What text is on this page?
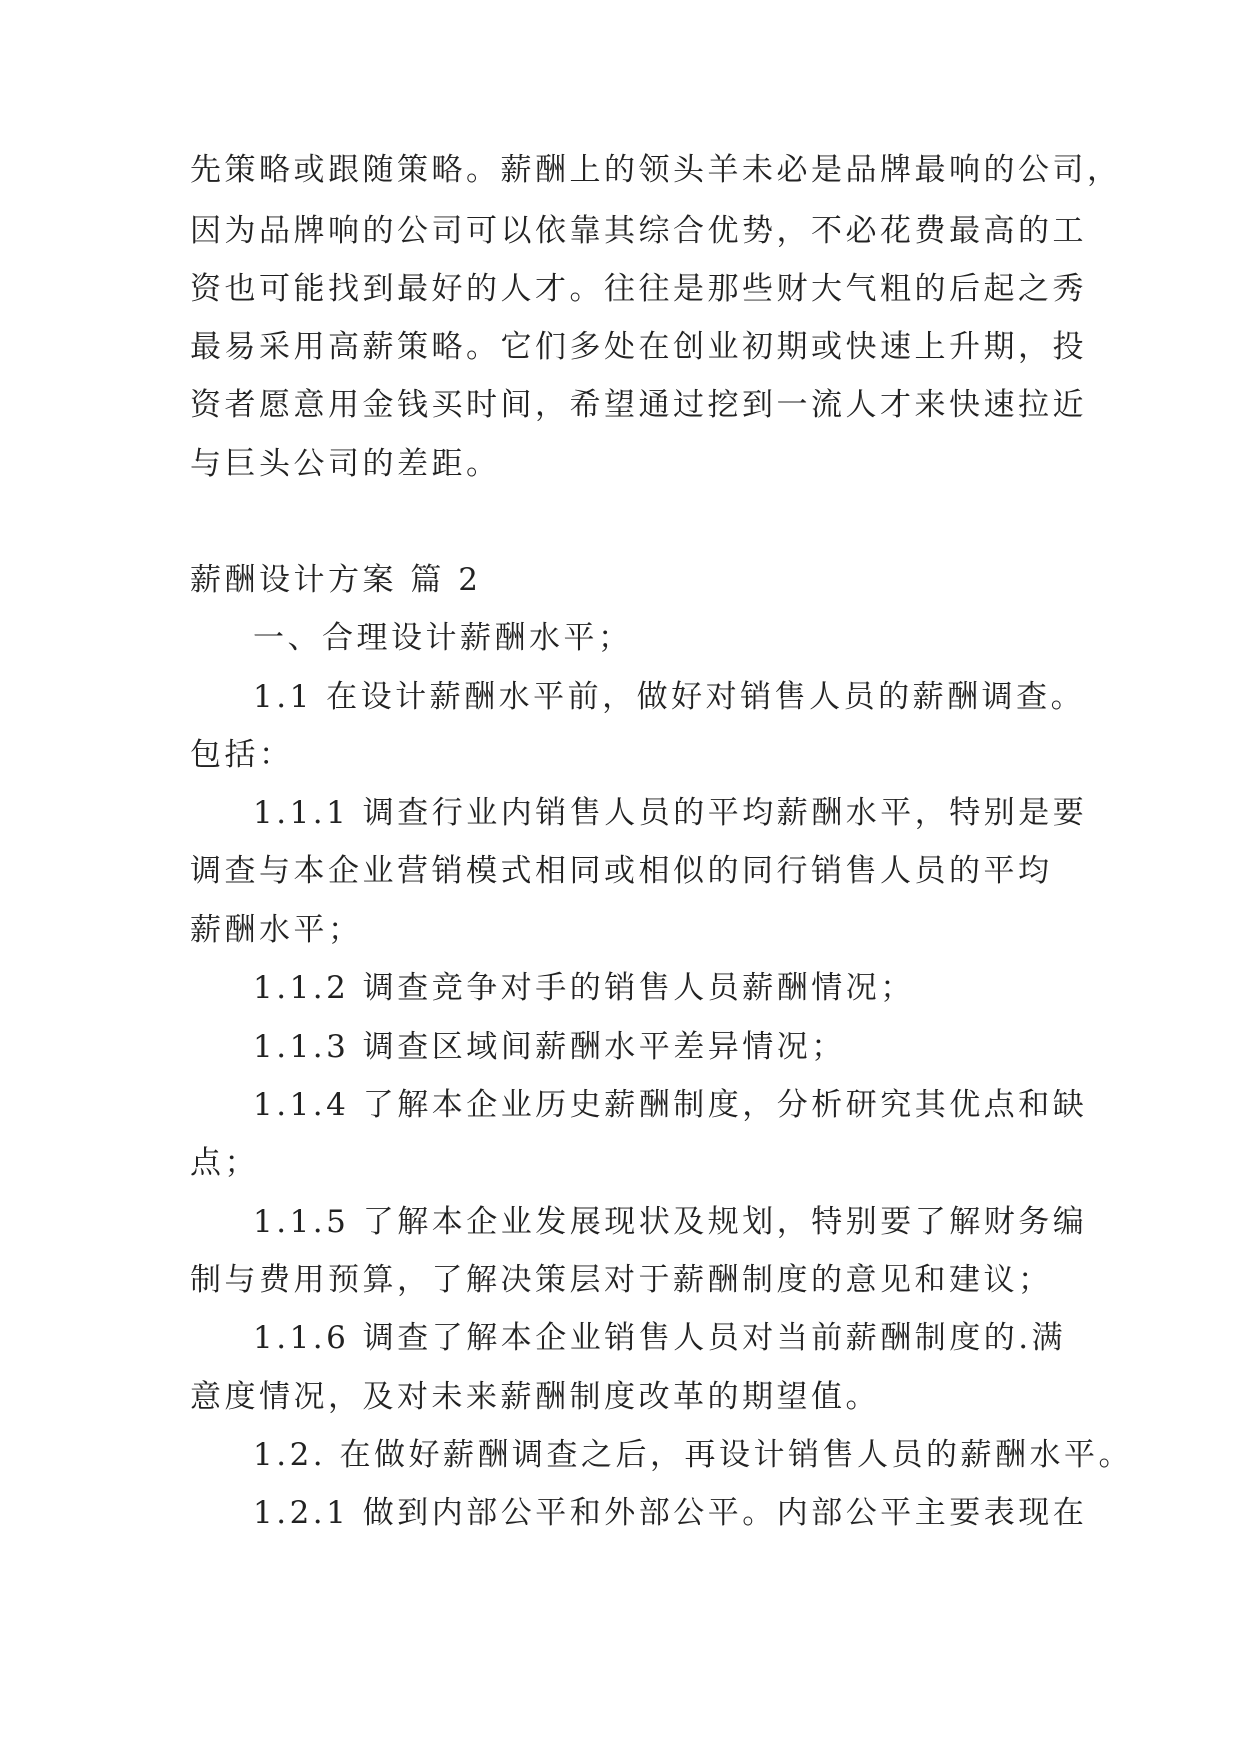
先策略或跟随策略。薪酬上的领头羊未必是品牌最响的公司，
因为品牌响的公司可以依靠其综合优势，不必花费最高的工
资也可能找到最好的人才。往往是那些财大气粗的后起之秀
最易采用高薪策略。它们多处在创业初期或快速上升期，投
资者愿意用金钱买时间，希望通过挖到一流人才来快速拉近
与巨头公司的差距。
薪酬设计方案 篇 2
一、合理设计薪酬水平；
1.1 在设计薪酬水平前，做好对销售人员的薪酬调查。
包括：
1.1.1 调查行业内销售人员的平均薪酬水平，特别是要
调查与本企业营销模式相同或相似的同行销售人员的平均
薪酬水平；
1.1.2 调查竞争对手的销售人员薪酬情况；
1.1.3 调查区域间薪酬水平差异情况；
1.1.4 了解本企业历史薪酬制度，分析研究其优点和缺
点；
1.1.5 了解本企业发展现状及规划，特别要了解财务编
制与费用预算，了解决策层对于薪酬制度的意见和建议；
1.1.6 调查了解本企业销售人员对当前薪酬制度的.满
意度情况，及对未来薪酬制度改革的期望值。
1.2. 在做好薪酬调查之后，再设计销售人员的薪酬水平。
1.2.1 做到内部公平和外部公平。内部公平主要表现在
